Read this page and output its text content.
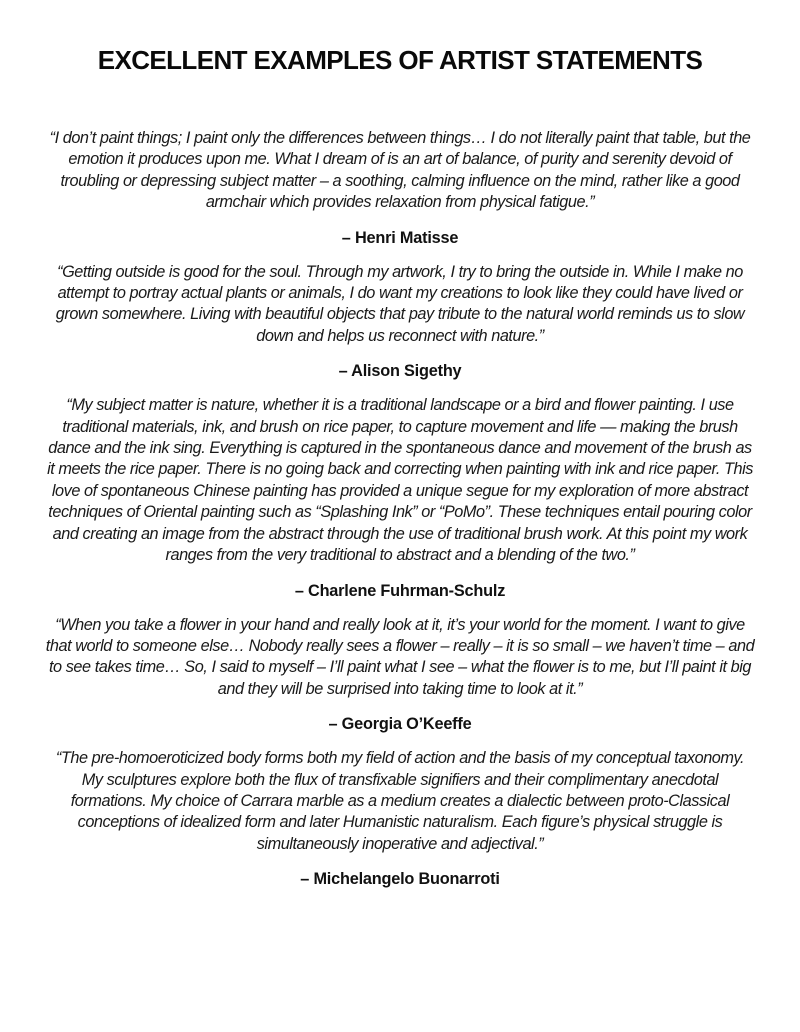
EXCELLENT EXAMPLES OF ARTIST STATEMENTS

“I don’t paint things; I paint only the differences between things… I do not literally paint that table, but the emotion it produces upon me. What I dream of is an art of balance, of purity and serenity devoid of troubling or depressing subject matter – a soothing, calming influence on the mind, rather like a good armchair which provides relaxation from physical fatigue.”

– Henri Matisse

“Getting outside is good for the soul. Through my artwork, I try to bring the outside in. While I make no attempt to portray actual plants or animals, I do want my creations to look like they could have lived or grown somewhere. Living with beautiful objects that pay tribute to the natural world reminds us to slow down and helps us reconnect with nature.”

– Alison Sigethy

“My subject matter is nature, whether it is a traditional landscape or a bird and flower painting. I use traditional materials, ink, and brush on rice paper, to capture movement and life — making the brush dance and the ink sing. Everything is captured in the spontaneous dance and movement of the brush as it meets the rice paper. There is no going back and correcting when painting with ink and rice paper. This love of spontaneous Chinese painting has provided a unique segue for my exploration of more abstract techniques of Oriental painting such as “Splashing Ink” or “PoMo”. These techniques entail pouring color and creating an image from the abstract through the use of traditional brush work. At this point my work ranges from the very traditional to abstract and a blending of the two.”

– Charlene Fuhrman-Schulz

“When you take a flower in your hand and really look at it, it’s your world for the moment. I want to give that world to someone else… Nobody really sees a flower – really – it is so small – we haven’t time – and to see takes time… So, I said to myself – I’ll paint what I see – what the flower is to me, but I’ll paint it big and they will be surprised into taking time to look at it.”

– Georgia O’Keeffe

“The pre-homoeroticized body forms both my field of action and the basis of my conceptual taxonomy. My sculptures explore both the flux of transfixable signifiers and their complimentary anecdotal formations. My choice of Carrara marble as a medium creates a dialectic between proto-Classical conceptions of idealized form and later Humanistic naturalism. Each figure’s physical struggle is simultaneously inoperative and adjectival.”

– Michelangelo Buonarroti
